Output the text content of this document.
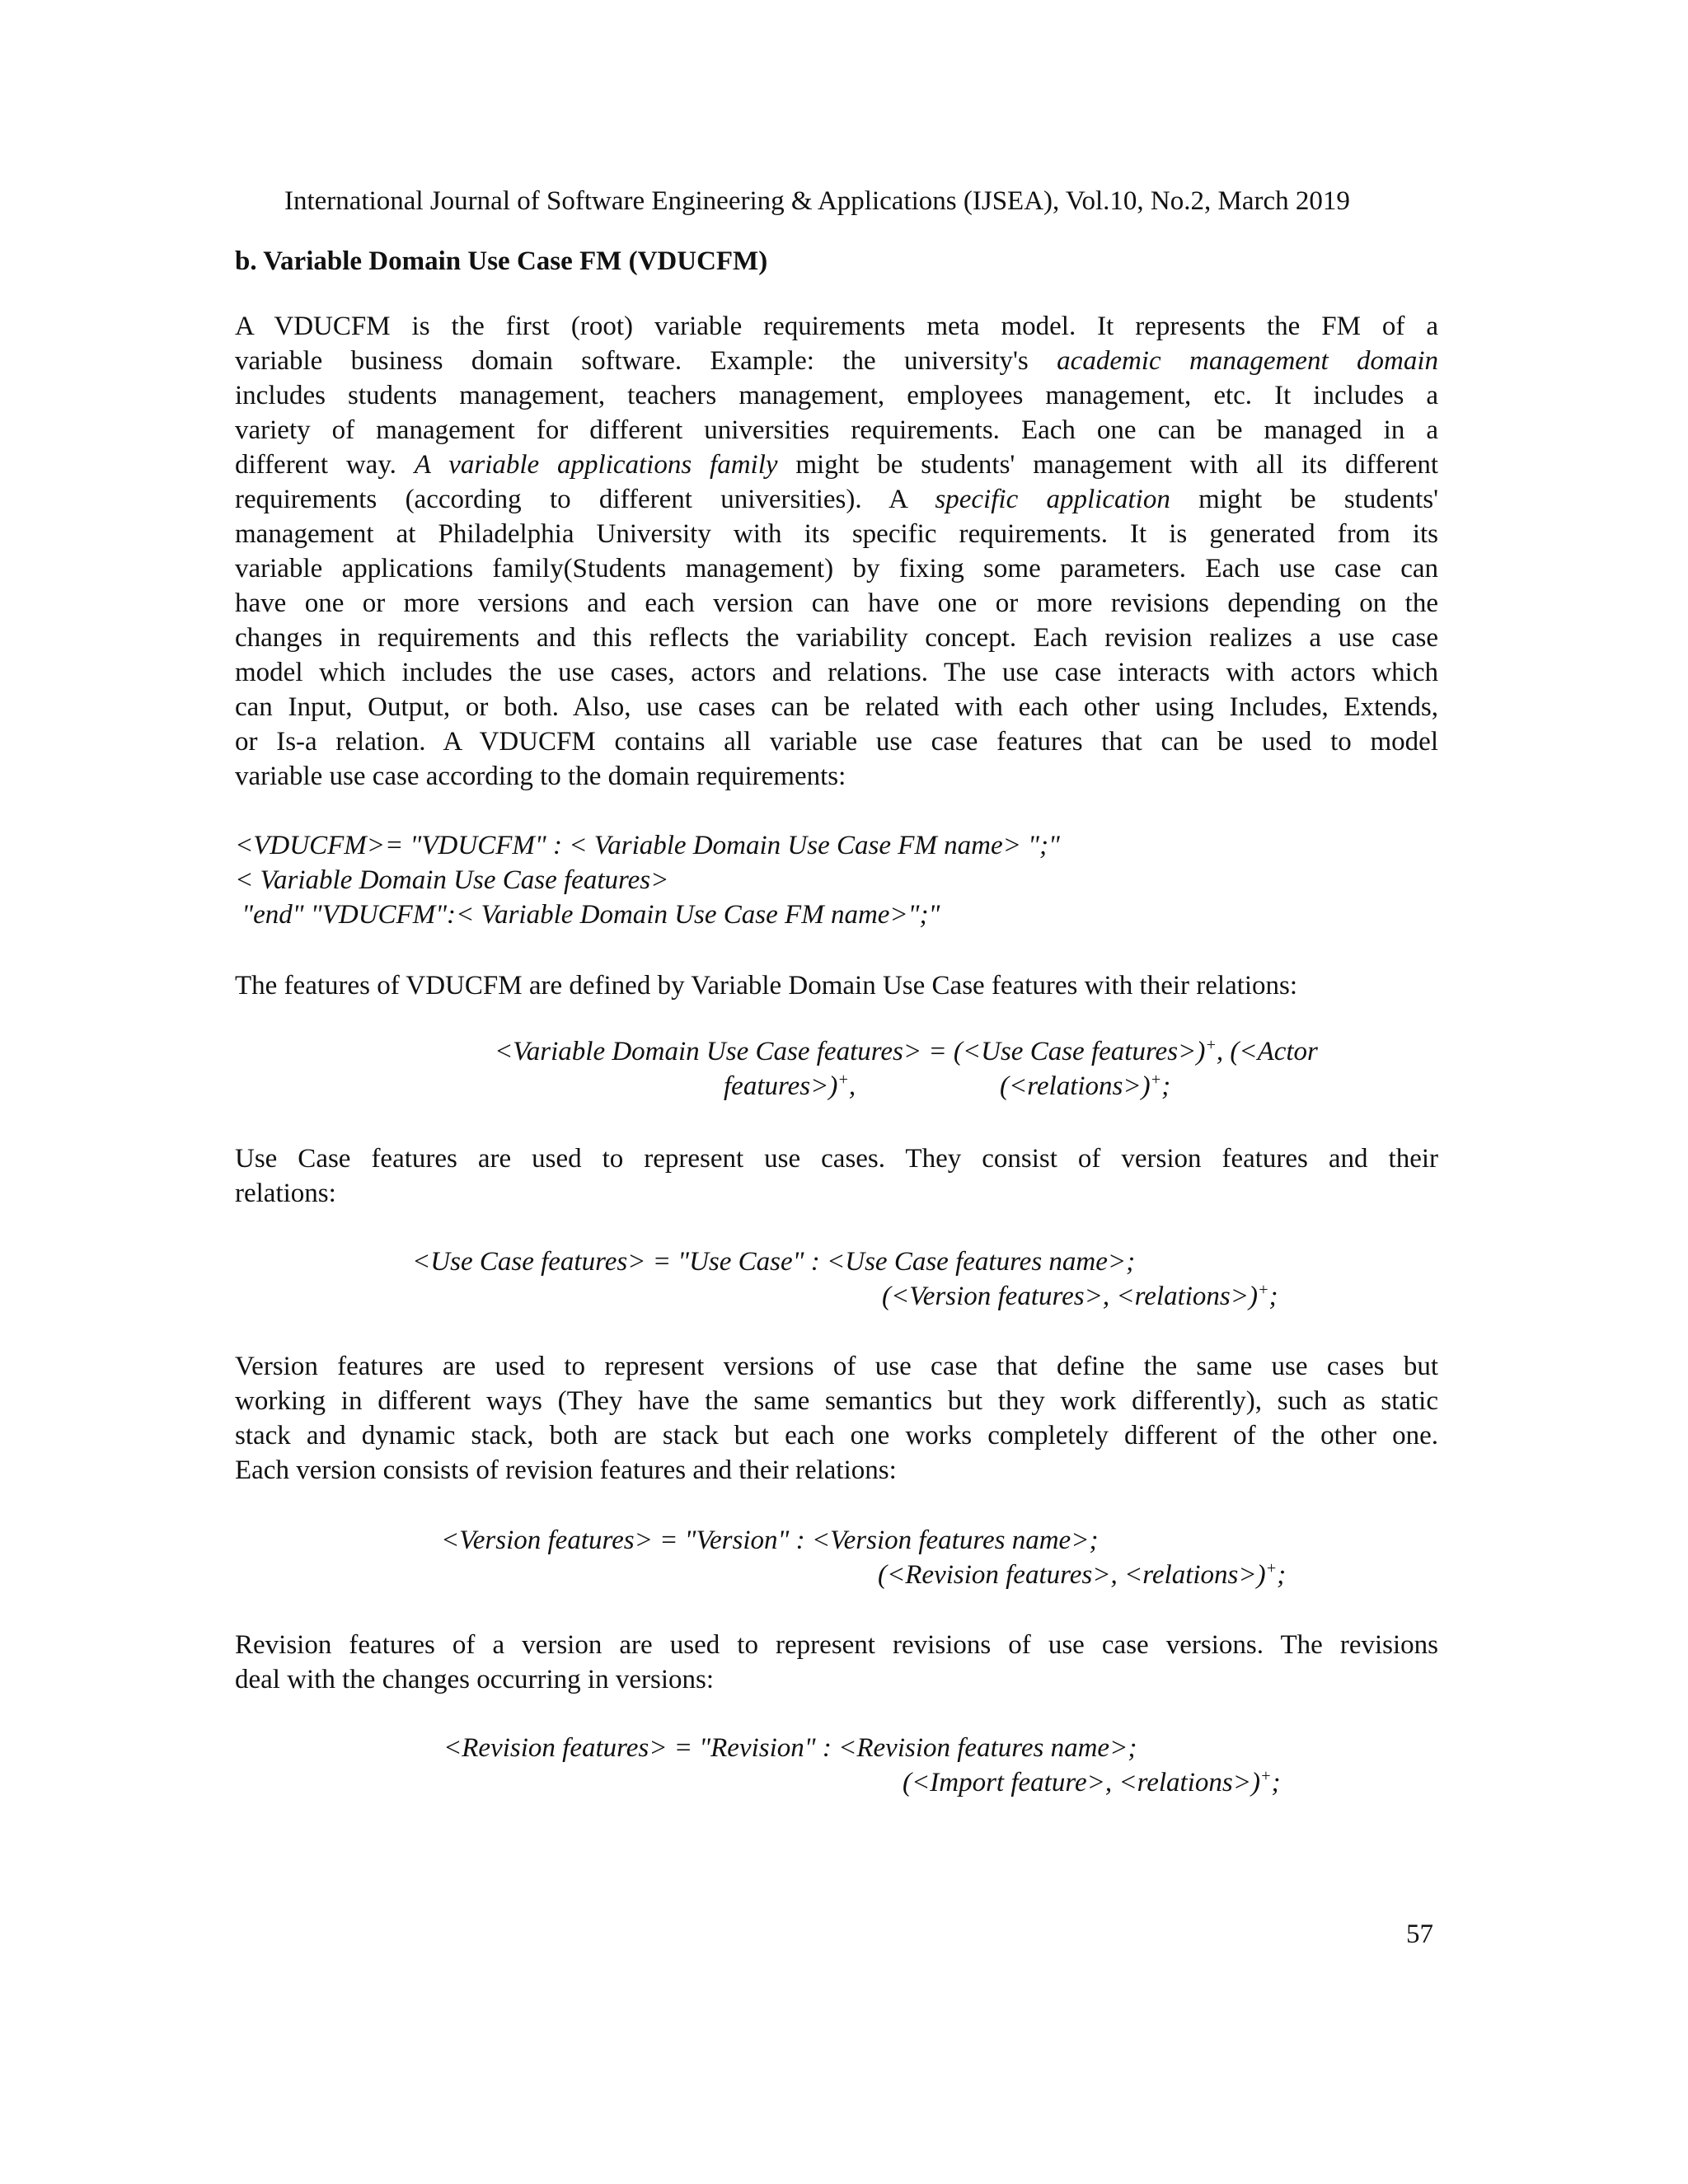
International Journal of Software Engineering & Applications (IJSEA), Vol.10, No.2, March 2019
b. Variable Domain Use Case FM (VDUCFM)
A VDUCFM is the first (root) variable requirements meta model. It represents the FM of a
variable business domain software. Example: the university's academic management domain
includes students management, teachers management, employees management, etc. It includes a
variety of management for different universities requirements. Each one can be managed in a
different way. A variable applications family might be students' management with all its different
requirements (according to different universities). A specific application might be students'
management at Philadelphia University with its specific requirements. It is generated from its
variable applications family(Students management) by fixing some parameters. Each use case can
have one or more versions and each version can have one or more revisions depending on the
changes in requirements and this reflects the variability concept. Each revision realizes a use case
model which includes the use cases, actors and relations. The use case interacts with actors which
can Input, Output, or both. Also, use cases can be related with each other using Includes, Extends,
or Is-a relation. A VDUCFM contains all variable use case features that can be used to model
variable use case according to the domain requirements:
<VDUCFM>= "VDUCFM" : < Variable Domain Use Case FM name> ";"
< Variable Domain Use Case features>
"end" "VDUCFM":< Variable Domain Use Case FM name>";"
The features of VDUCFM are defined by Variable Domain Use Case features with their relations:
<Variable Domain Use Case features> = (<Use Case features>)+, (<Actor
features>)+,	(<relations>)+;
Use Case features are used to represent use cases. They consist of version features and their
relations:
<Use Case features> = "Use Case" : <Use Case features name>;
(<Version features>, <relations>)+;
Version features are used to represent versions of use case that define the same use cases but
working in different ways (They have the same semantics but they work differently), such as static
stack and dynamic stack, both are stack but each one works completely different of the other one.
Each version consists of revision features and their relations:
<Version features> = "Version" : <Version features name>;
(<Revision features>, <relations>)+;
Revision features of a version are used to represent revisions of use case versions. The revisions
deal with the changes occurring in versions:
<Revision features> = "Revision" : <Revision features name>;
(<Import feature>, <relations>)+;
57
